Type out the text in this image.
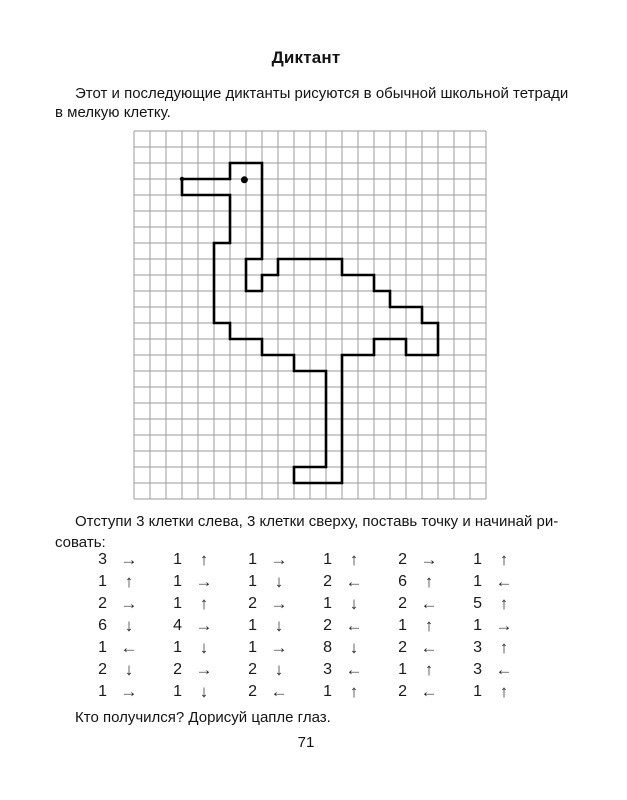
Диктант
Этот и последующие диктанты рисуются в обычной школьной тетради
в мелкую клетку.
Отступи 3 клетки слева, 3 клетки сверху, поставь точку и начинай ри-
совать:
3 →	1	↑	1 →	1	↑	2 →	1	↑
1	↑	1 →	1	↓	2 ←	6	↑	1 ←
2 →	1	↑	2 →	1	↓	2 ←	5	↑
6	↓	4 →	1	↓	2 ←	1	↑	1 →
1 ←	1	↓	1 →	8	↓	2 ←	3	↑
2	↓	2 →	2	↓	3 ←	1	↑	3 ←
1 →	1	↓	2 ←	1	↑	2 ←	1	↑
Кто получился? Дорисуй цапле глаз.
71
